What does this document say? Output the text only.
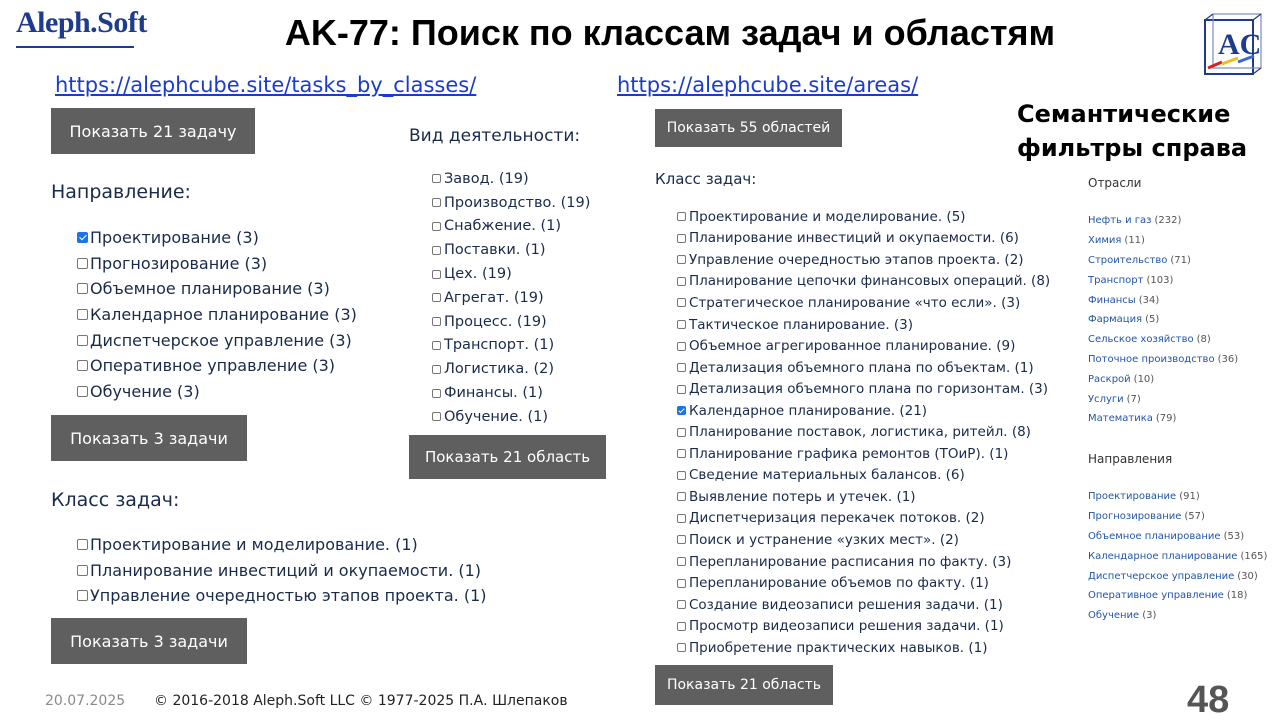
Aleph.Soft	AK-77: Поиск по классам задач и областям	AC
https://alephcube.site/tasks_by_classes/
Показать 21 задачу
Направление:
Проектирование (3)
Прогнозирование (3)
Объемное планирование (3)
Календарное планирование (3)
Диспетчерское управление (3)
Оперативное управление (3)
Обучение (3)
Показать 3 задачи
Класс задач:
Проектирование и моделирование. (1)
Планирование инвестиций и окупаемости. (1)
Управление очередностью этапов проекта. (1)
Показать 3 задачи
Вид деятельности:
Завод. (19)
Производство. (19)
Снабжение. (1)
Поставки. (1)
Цех. (19)
Агрегат. (19)
Процесс. (19)
Транспорт. (1)
Логистика. (2)
Финансы. (1)
Обучение. (1)
Показать 21 область
https://alephcube.site/areas/
Показать 55 областей
Класс задач:
Проектирование и моделирование. (5)
Планирование инвестиций и окупаемости. (6)
Управление очередностью этапов проекта. (2)
Планирование цепочки финансовых операций. (8)
Стратегическое планирование «что если». (3)
Тактическое планирование. (3)
Объемное агрегированное планирование. (9)
Детализация объемного плана по объектам. (1)
Детализация объемного плана по горизонтам. (3)
Календарное планирование. (21)
Планирование поставок, логистика, ритейл. (8)
Планирование графика ремонтов (ТОиР). (1)
Сведение материальных балансов. (6)
Выявление потерь и утечек. (1)
Диспетчеризация перекачек потоков. (2)
Поиск и устранение «узких мест». (2)
Перепланирование расписания по факту. (3)
Перепланирование объемов по факту. (1)
Создание видеозаписи решения задачи. (1)
Просмотр видеозаписи решения задачи. (1)
Приобретение практических навыков. (1)
Показать 21 область
Семантические
фильтры справа
Отрасли
Нефть и газ (232)
Химия (11)
Строительство (71)
Транспорт (103)
Финансы (34)
Фармация (5)
Сельское хозяйство (8)
Поточное производство (36)
Раскрой (10)
Услуги (7)
Математика (79)
Направления
Проектирование (91)
Прогнозирование (57)
Объемное планирование (53)
Календарное планирование (165)
Диспетчерское управление (30)
Оперативное управление (18)
Обучение (3)
20.07.2025 © 2016-2018 Aleph.Soft LLC © 1977-2025 П.А. Шлепаков	48
